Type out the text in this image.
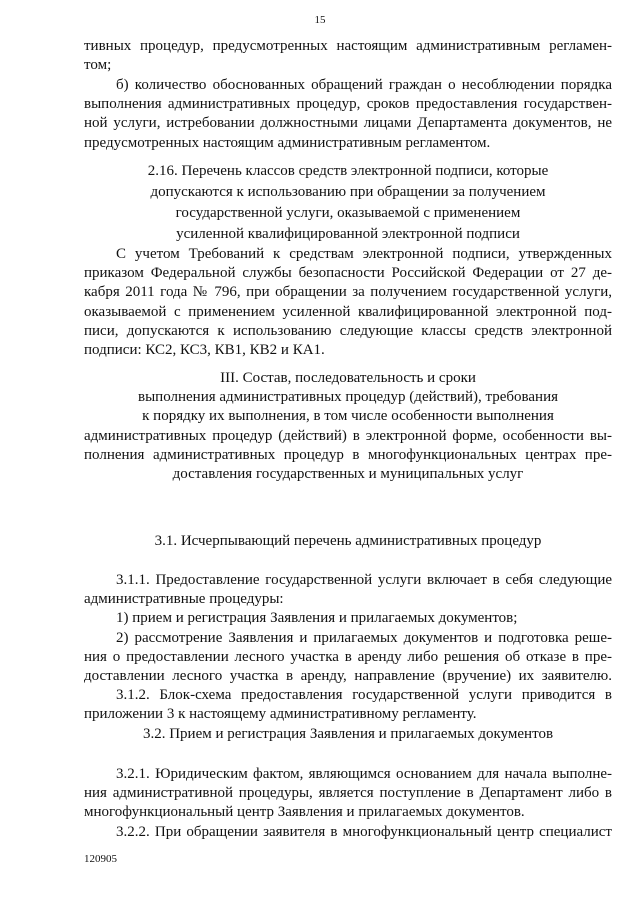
15

тивных процедур, предусмотренных настоящим административным регламен-

том;

б) количество обоснованных обращений граждан о несоблюдении порядка

выполнения административных процедур, сроков предоставления государствен-

ной услуги, истребовании должностными лицами Департамента документов, не

предусмотренных настоящим административным регламентом.

2.16. Перечень классов средств электронной подписи, которые

допускаются к использованию при обращении за получением

государственной услуги, оказываемой с применением

усиленной квалифицированной электронной подписи

С учетом Требований к средствам электронной подписи, утвержденных

приказом Федеральной службы безопасности Российской Федерации от 27 де-

кабря 2011 года № 796, при обращении за получением государственной услуги,

оказываемой с применением усиленной квалифицированной электронной под-

писи, допускаются к использованию следующие классы средств электронной

подписи: КС2, КС3, КВ1, КВ2 и КА1.

III. Состав, последовательность и сроки

выполнения административных процедур (действий), требования

к порядку их выполнения, в том числе особенности выполнения

административных процедур (действий) в электронной форме, особенности вы-

полнения административных процедур в многофункциональных центрах пре-

доставления государственных и муниципальных услуг

3.1. Исчерпывающий перечень административных процедур

3.1.1. Предоставление государственной услуги включает в себя следующие

административные процедуры:

1) прием и регистрация Заявления и прилагаемых документов;

2) рассмотрение Заявления и прилагаемых документов и подготовка реше-

ния о предоставлении лесного участка в аренду либо решения об отказе в пре-

доставлении лесного участка в аренду, направление (вручение) их заявителю.

3.1.2. Блок-схема предоставления государственной услуги приводится в

приложении 3 к настоящему административному регламенту.

3.2. Прием и регистрация Заявления и прилагаемых документов

3.2.1. Юридическим фактом, являющимся основанием для начала выполне-

ния административной процедуры, является поступление в Департамент либо в

многофункциональный центр Заявления и прилагаемых документов.

3.2.2. При обращении заявителя в многофункциональный центр специалист

120905
